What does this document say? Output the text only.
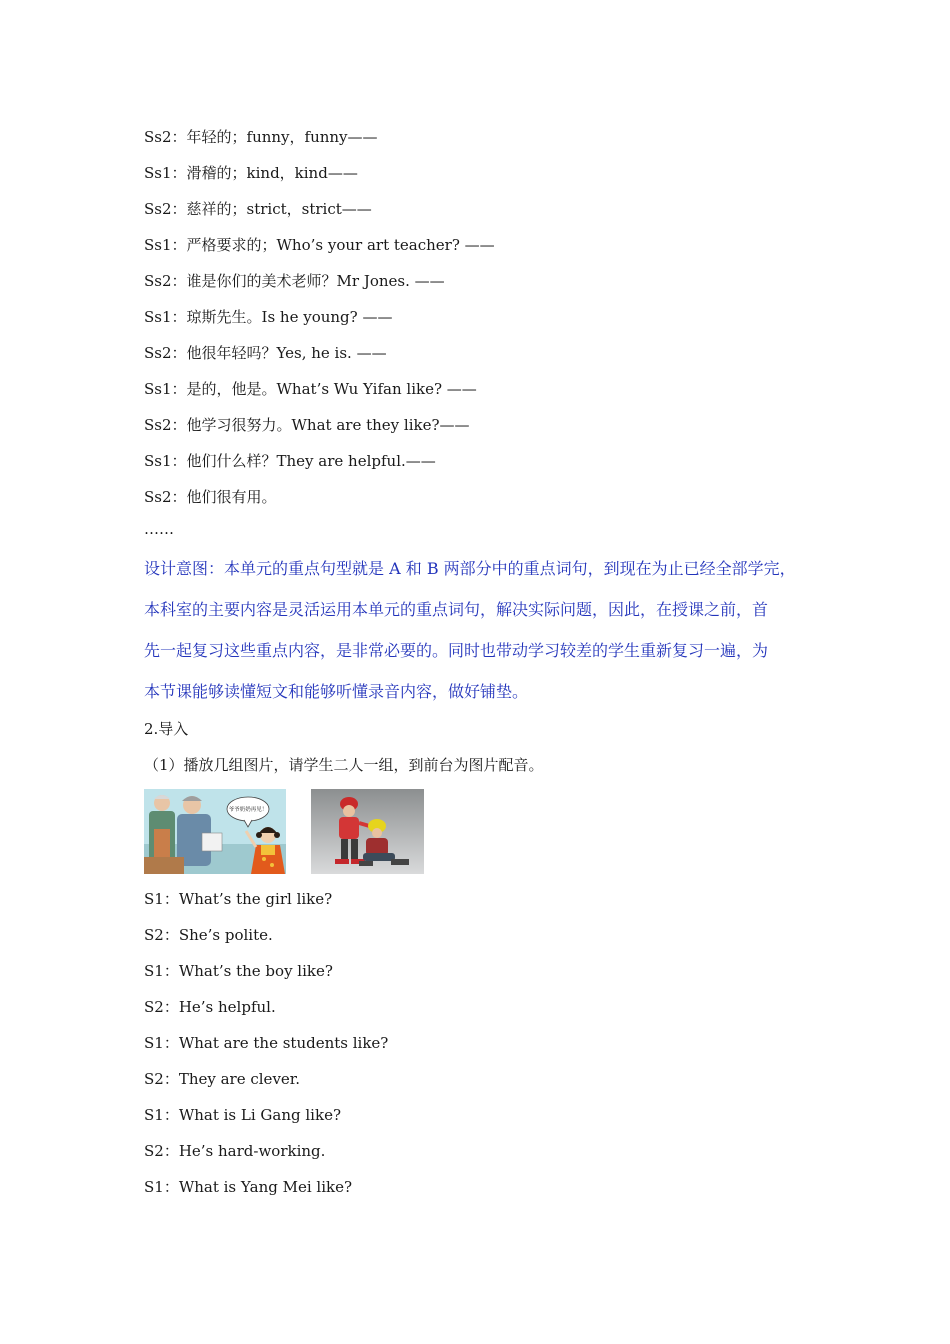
Ss2：年轻的；funny，funny——
Ss1：滑稽的；kind，kind——
Ss2：慈祥的；strict，strict——
Ss1：严格要求的；Who’s your art teacher? ——
Ss2：谁是你们的美术老师？Mr Jones. ——
Ss1：琼斯先生。Is he young? ——
Ss2：他很年轻吗？Yes, he is. ——
Ss1：是的，他是。What’s Wu Yifan like? ——
Ss2：他学习很努力。What are they like?——
Ss1：他们什么样？They are helpful.——
Ss2：他们很有用。
……

设计意图：本单元的重点句型就是 A 和 B 两部分中的重点词句，到现在为止已经全部学完，

本科室的主要内容是灵活运用本单元的重点词句，解决实际问题，因此，在授课之前，首

先一起复习这些重点内容，是非常必要的。同时也带动学习较差的学生重新复习一遍，为

本节课能够读懂短文和能够听懂录音内容，做好铺垫。

2.导入
（1）播放几组图片，请学生二人一组，到前台为图片配音。
爷爷奶奶再见！
S1：What’s the girl like?
S2：She’s polite.
S1：What’s the boy like?
S2：He’s helpful.
S1：What are the students like?
S2：They are clever.
S1：What is Li Gang like?
S2：He’s hard-working.
S1：What is Yang Mei like?
